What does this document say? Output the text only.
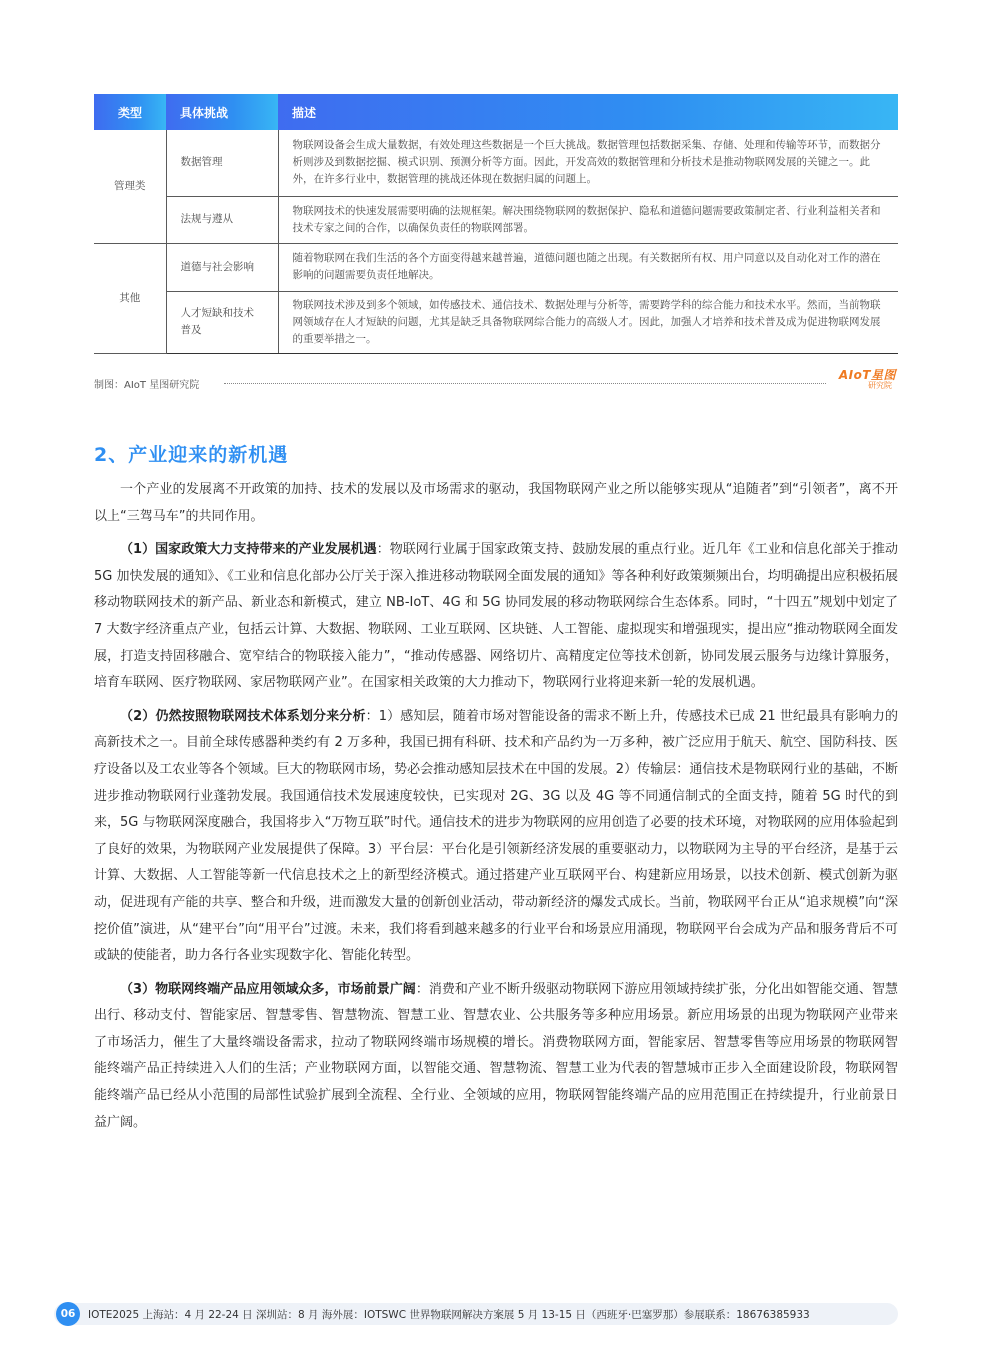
类型	具体挑战	描述
管理类	数据管理	物联网设备会生成大量数据，有效处理这些数据是一个巨大挑战。数据管理包括数据采集、存储、处理和传输等环节，而数据分析则涉及到数据挖掘、模式识别、预测分析等方面。因此，开发高效的数据管理和分析技术是推动物联网发展的关键之一。此外，在许多行业中，数据管理的挑战还体现在数据归属的问题上。
	法规与遵从	物联网技术的快速发展需要明确的法规框架。解决围绕物联网的数据保护、隐私和道德问题需要政策制定者、行业利益相关者和技术专家之间的合作，以确保负责任的物联网部署。
其他	道德与社会影响	随着物联网在我们生活的各个方面变得越来越普遍，道德问题也随之出现。有关数据所有权、用户同意以及自动化对工作的潜在影响的问题需要负责任地解决。
	人才短缺和技术普及	物联网技术涉及到多个领域，如传感技术、通信技术、数据处理与分析等，需要跨学科的综合能力和技术水平。然而，当前物联网领域存在人才短缺的问题，尤其是缺乏具备物联网综合能力的高级人才。因此，加强人才培养和技术普及成为促进物联网发展的重要举措之一。
制图：AIoT 星图研究院
AIoT星图
研究院
2、产业迎来的新机遇

一个产业的发展离不开政策的加持、技术的发展以及市场需求的驱动，我国物联网产业之所以能够实现从“追随者”到“引领者”，离不开以上“三驾马车”的共同作用。

（1）国家政策大力支持带来的产业发展机遇：物联网行业属于国家政策支持、鼓励发展的重点行业。近几年《工业和信息化部关于推动 5G 加快发展的通知》、《工业和信息化部办公厅关于深入推进移动物联网全面发展的通知》等各种利好政策频频出台，均明确提出应积极拓展移动物联网技术的新产品、新业态和新模式，建立 NB-IoT、4G 和 5G 协同发展的移动物联网综合生态体系。同时，“十四五”规划中划定了 7 大数字经济重点产业，包括云计算、大数据、物联网、工业互联网、区块链、人工智能、虚拟现实和增强现实，提出应“推动物联网全面发展，打造支持固移融合、宽窄结合的物联接入能力”，“推动传感器、网络切片、高精度定位等技术创新，协同发展云服务与边缘计算服务，培育车联网、医疗物联网、家居物联网产业”。在国家相关政策的大力推动下，物联网行业将迎来新一轮的发展机遇。

（2）仍然按照物联网技术体系划分来分析：1）感知层，随着市场对智能设备的需求不断上升，传感技术已成 21 世纪最具有影响力的高新技术之一。目前全球传感器种类约有 2 万多种，我国已拥有科研、技术和产品约为一万多种，被广泛应用于航天、航空、国防科技、医疗设备以及工农业等各个领域。巨大的物联网市场，势必会推动感知层技术在中国的发展。2）传输层：通信技术是物联网行业的基础，不断进步推动物联网行业蓬勃发展。我国通信技术发展速度较快，已实现对 2G、3G 以及 4G 等不同通信制式的全面支持，随着 5G 时代的到来，5G 与物联网深度融合，我国将步入“万物互联”时代。通信技术的进步为物联网的应用创造了必要的技术环境，对物联网的应用体验起到了良好的效果，为物联网产业发展提供了保障。3）平台层：平台化是引领新经济发展的重要驱动力，以物联网为主导的平台经济，是基于云计算、大数据、人工智能等新一代信息技术之上的新型经济模式。通过搭建产业互联网平台、构建新应用场景，以技术创新、模式创新为驱动，促进现有产能的共享、整合和升级，进而激发大量的创新创业活动，带动新经济的爆发式成长。当前，物联网平台正从“追求规模”向“深挖价值”演进，从“建平台”向“用平台”过渡。未来，我们将看到越来越多的行业平台和场景应用涌现，物联网平台会成为产品和服务背后不可或缺的使能者，助力各行各业实现数字化、智能化转型。

（3）物联网终端产品应用领域众多，市场前景广阔：消费和产业不断升级驱动物联网下游应用领域持续扩张，分化出如智能交通、智慧出行、移动支付、智能家居、智慧零售、智慧物流、智慧工业、智慧农业、公共服务等多种应用场景。新应用场景的出现为物联网产业带来了市场活力，催生了大量终端设备需求，拉动了物联网终端市场规模的增长。消费物联网方面，智能家居、智慧零售等应用场景的物联网智能终端产品正持续进入人们的生活；产业物联网方面，以智能交通、智慧物流、智慧工业为代表的智慧城市正步入全面建设阶段，物联网智能终端产品已经从小范围的局部性试验扩展到全流程、全行业、全领域的应用，物联网智能终端产品的应用范围正在持续提升，行业前景日益广阔。

06	IOTE2025 上海站：4 月 22-24 日 深圳站：8 月 海外展：IOTSWC 世界物联网解决方案展 5 月 13-15 日（西班牙·巴塞罗那）参展联系：18676385933
